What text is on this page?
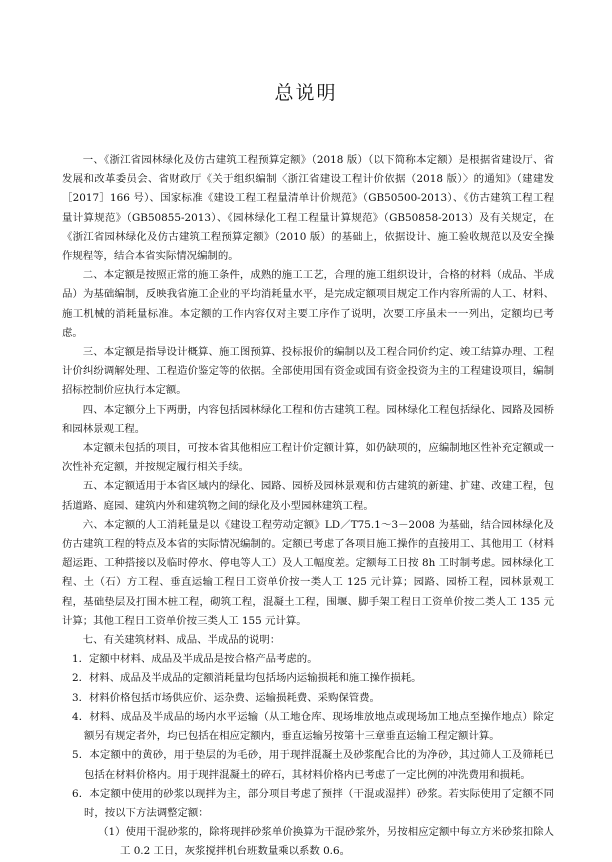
总说明

一、《浙江省园林绿化及仿古建筑工程预算定额》（2018 版）（以下简称本定额）是根据省建设厅、省发展和改革委员会、省财政厅《关于组织编制〈浙江省建设工程计价依据（2018 版）〉的通知》（建建发［2017］166 号）、国家标准《建设工程工程量清单计价规范》（GB50500-2013）、《仿古建筑工程工程量计算规范》（GB50855-2013）、《园林绿化工程工程量计算规范》（GB50858-2013）及有关规定，在《浙江省园林绿化及仿古建筑工程预算定额》（2010 版）的基础上，依据设计、施工验收规范以及安全操作规程等，结合本省实际情况编制的。

二、本定额是按照正常的施工条件，成熟的施工工艺，合理的施工组织设计，合格的材料（成品、半成品）为基础编制，反映我省施工企业的平均消耗量水平，是完成定额项目规定工作内容所需的人工、材料、施工机械的消耗量标准。本定额的工作内容仅对主要工序作了说明，次要工序虽未一一列出，定额均已考虑。

三、本定额是指导设计概算、施工图预算、投标报价的编制以及工程合同价约定、竣工结算办理、工程计价纠纷调解处理、工程造价鉴定等的依据。全部使用国有资金或国有资金投资为主的工程建设项目，编制招标控制价应执行本定额。

四、本定额分上下两册，内容包括园林绿化工程和仿古建筑工程。园林绿化工程包括绿化、园路及园桥和园林景观工程。

本定额未包括的项目，可按本省其他相应工程计价定额计算，如仍缺项的，应编制地区性补充定额或一次性补充定额，并按规定履行相关手续。

五、本定额适用于本省区域内的绿化、园路、园桥及园林景观和仿古建筑的新建、扩建、改建工程，包括道路、庭园、建筑内外和建筑物之间的绿化及小型园林建筑工程。

六、本定额的人工消耗量是以《建设工程劳动定额》LD／T75.1～3－2008 为基础，结合园林绿化及仿古建筑工程的特点及本省的实际情况编制的。定额已考虑了各项目施工操作的直接用工、其他用工（材料超运距、工种搭接以及临时停水、停电等人工）及人工幅度差。定额每工日按 8h 工时制考虑。园林绿化工程、土（石）方工程、垂直运输工程日工资单价按一类人工 125 元计算；园路、园桥工程，园林景观工程，基础垫层及打围木桩工程，砌筑工程，混凝土工程，围堰、脚手架工程日工资单价按二类人工 135 元计算；其他工程日工资单价按三类人工 155 元计算。

七、有关建筑材料、成品、半成品的说明：

1．定额中材料、成品及半成品是按合格产品考虑的。
2．材料、成品及半成品的定额消耗量均包括场内运输损耗和施工操作损耗。
3．材料价格包括市场供应价、运杂费、运输损耗费、采购保管费。
4．材料、成品及半成品的场内水平运输（从工地仓库、现场堆放地点或现场加工地点至操作地点）除定额另有规定者外，均已包括在相应定额内，垂直运输另按第十三章垂直运输工程定额计算。
5．本定额中的黄砂，用于垫层的为毛砂，用于现拌混凝土及砂浆配合比的为净砂，其过筛人工及筛耗已包括在材料价格内。用于现拌混凝土的碎石，其材料价格内已考虑了一定比例的冲洗费用和损耗。
6．本定额中使用的砂浆以现拌为主，部分项目考虑了预拌（干混或湿拌）砂浆。若实际使用了定额不同时，按以下方法调整定额：
（1）使用干混砂浆的，除将现拌砂浆单价换算为干混砂浆外，另按相应定额中每立方米砂浆扣除人工 0.2 工日，灰浆搅拌机台班数量乘以系数 0.6。
